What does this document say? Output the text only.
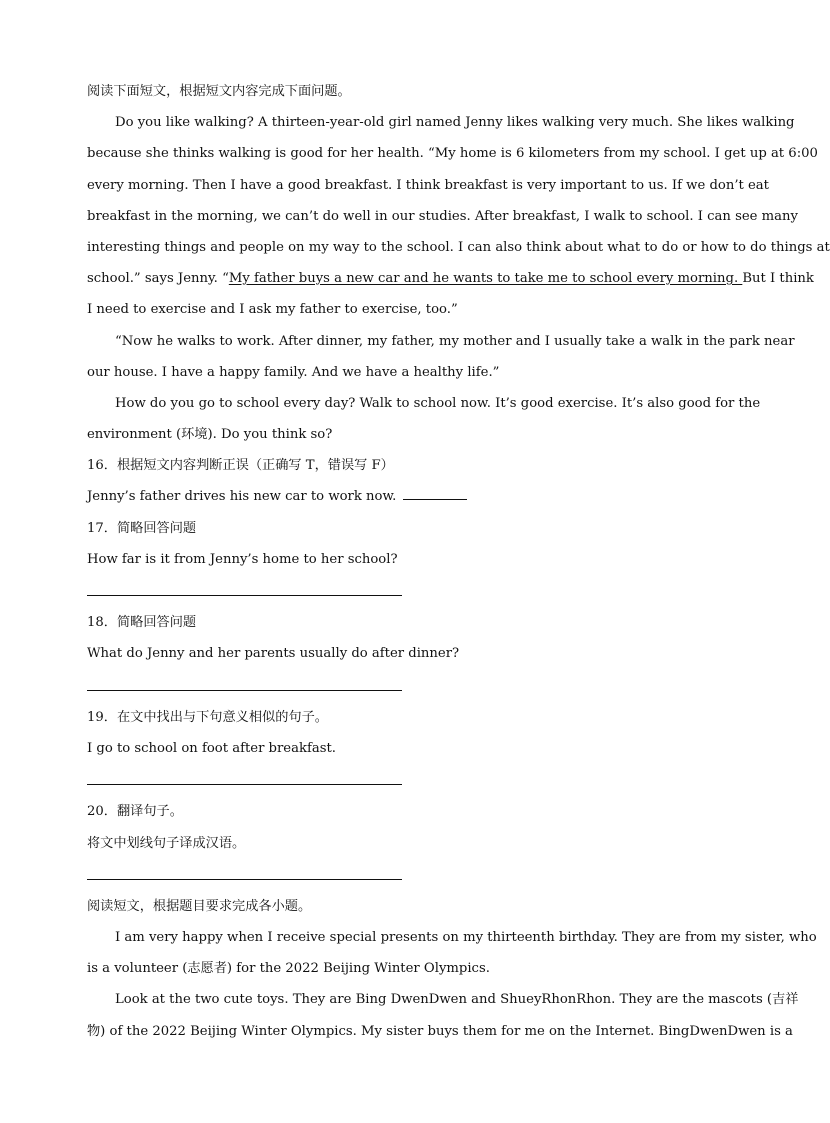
阅读下面短文，根据短文内容完成下面问题。
Do you like walking? A thirteen-year-old girl named Jenny likes walking very much. She likes walking
because she thinks walking is good for her health. “My home is 6 kilometers from my school. I get up at 6:00
every morning. Then I have a good breakfast. I think breakfast is very important to us. If we don’t eat
breakfast in the morning, we can’t do well in our studies. After breakfast, I walk to school. I can see many
interesting things and people on my way to the school. I can also think about what to do or how to do things at
school.” says Jenny. “My father buys a new car and he wants to take me to school every morning. But I think
I need to exercise and I ask my father to exercise, too.”
“Now he walks to work. After dinner, my father, my mother and I usually take a walk in the park near
our house. I have a happy family. And we have a healthy life.”
How do you go to school every day? Walk to school now. It’s good exercise. It’s also good for the
environment (环境). Do you think so?
16．根据短文内容判断正误（正确写 T，错误写 F）
Jenny’s father drives his new car to work now.
17．简略回答问题
How far is it from Jenny’s home to her school?
18．简略回答问题
What do Jenny and her parents usually do after dinner?
19．在文中找出与下句意义相似的句子。
I go to school on foot after breakfast.
20．翻译句子。
将文中划线句子译成汉语。
阅读短文，根据题目要求完成各小题。
I am very happy when I receive special presents on my thirteenth birthday. They are from my sister, who
is a volunteer (志愿者) for the 2022 Beijing Winter Olympics.
Look at the two cute toys. They are Bing DwenDwen and ShueyRhonRhon. They are the mascots (吉祥
物) of the 2022 Beijing Winter Olympics. My sister buys them for me on the Internet. BingDwenDwen is a
